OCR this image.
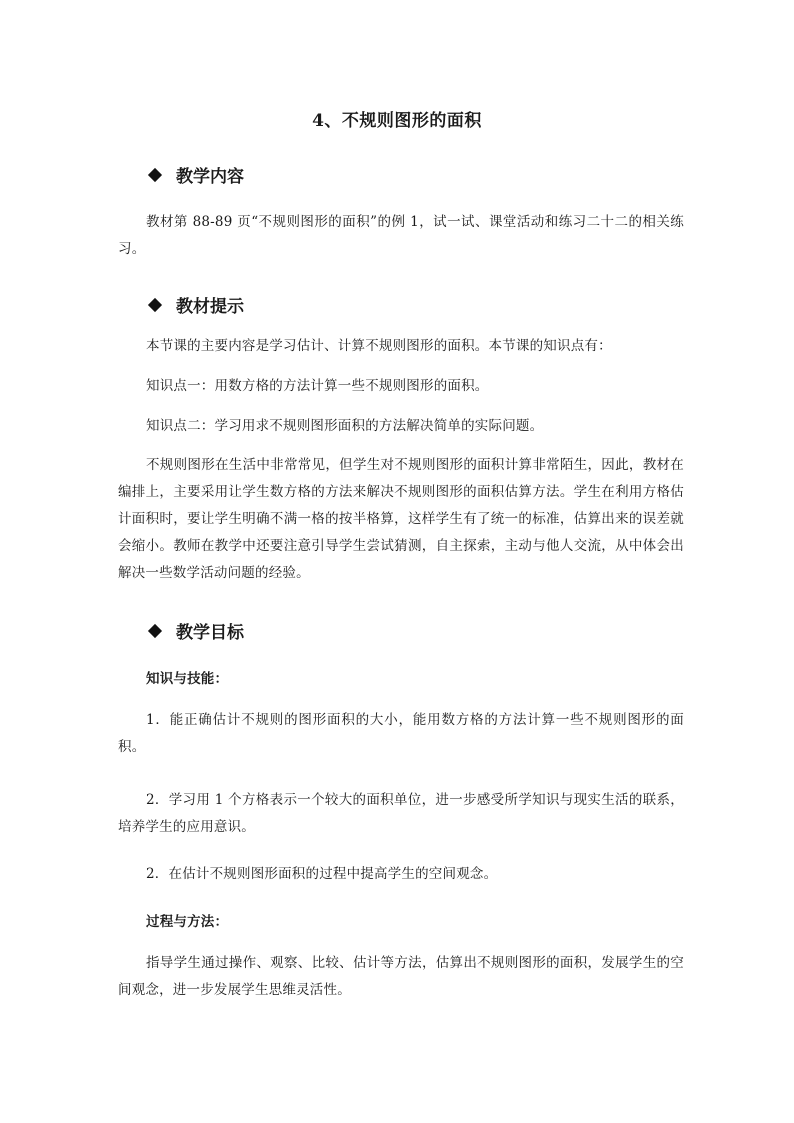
4、不规则图形的面积
教学内容
教材第 88-89 页“不规则图形的面积”的例 1，试一试、课堂活动和练习二十二的相关练习。
教材提示
本节课的主要内容是学习估计、计算不规则图形的面积。本节课的知识点有：
知识点一：用数方格的方法计算一些不规则图形的面积。
知识点二：学习用求不规则图形面积的方法解决简单的实际问题。
不规则图形在生活中非常常见，但学生对不规则图形的面积计算非常陌生，因此，教材在编排上，主要采用让学生数方格的方法来解决不规则图形的面积估算方法。学生在利用方格估计面积时，要让学生明确不满一格的按半格算，这样学生有了统一的标准，估算出来的误差就会缩小。教师在教学中还要注意引导学生尝试猜测，自主探索，主动与他人交流，从中体会出解决一些数学活动问题的经验。
教学目标
知识与技能：
1．能正确估计不规则的图形面积的大小，能用数方格的方法计算一些不规则图形的面积。
2．学习用 1 个方格表示一个较大的面积单位，进一步感受所学知识与现实生活的联系，培养学生的应用意识。
2．在估计不规则图形面积的过程中提高学生的空间观念。
过程与方法：
指导学生通过操作、观察、比较、估计等方法，估算出不规则图形的面积，发展学生的空间观念，进一步发展学生思维灵活性。
